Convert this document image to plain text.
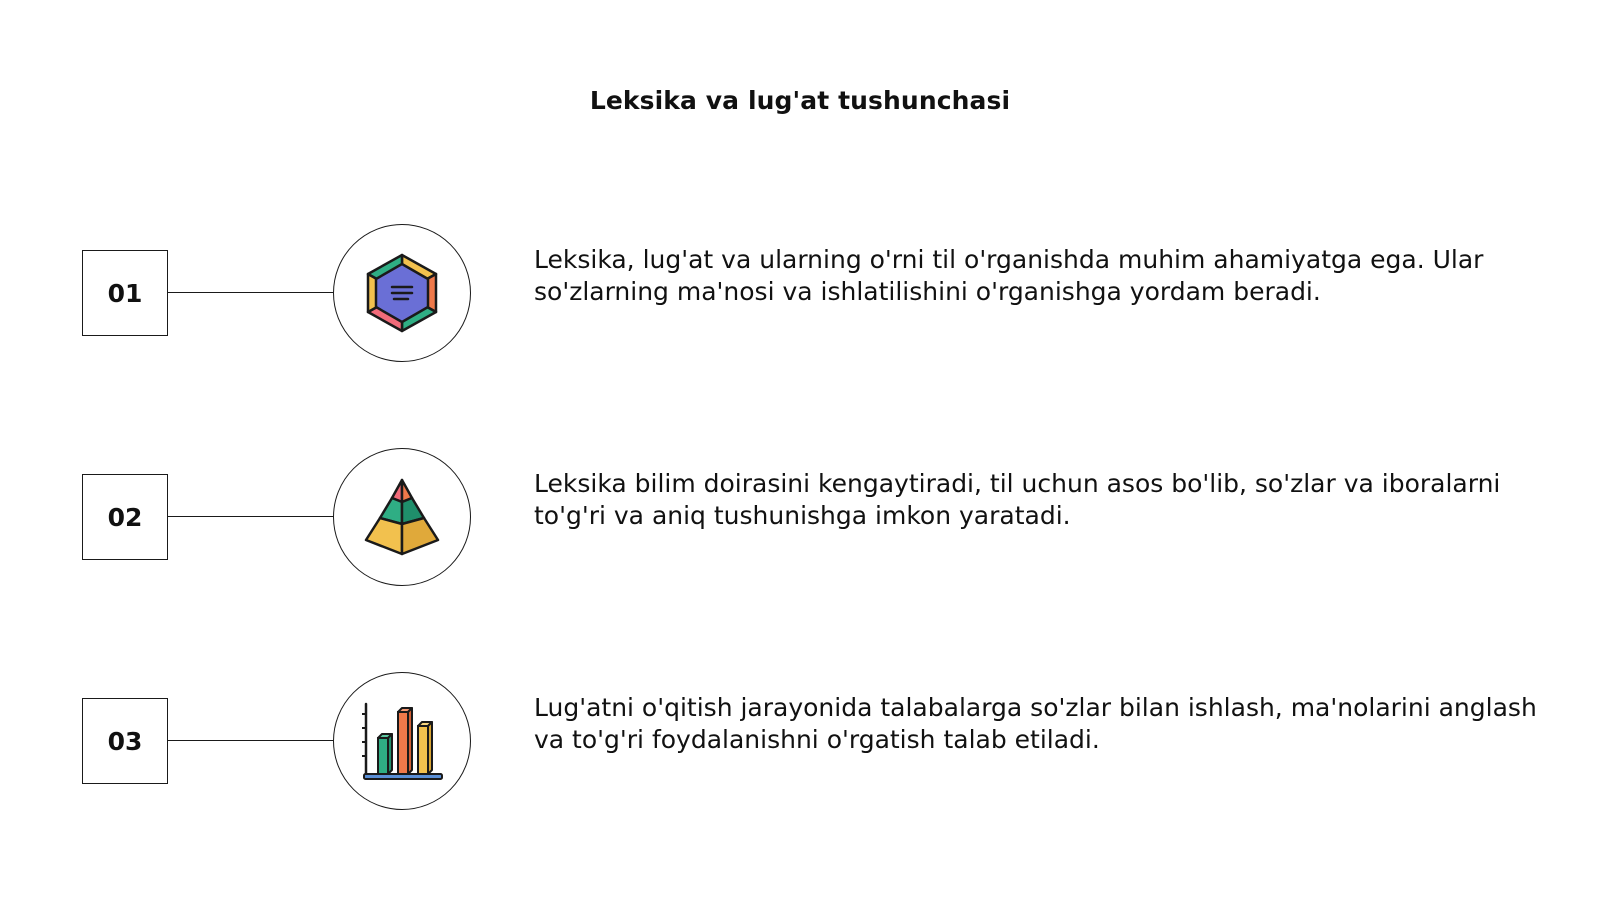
Leksika va lug'at tushunchasi
01
Leksika, lug'at va ularning o'rni til o'rganishda muhim ahamiyatga ega. Ular so'zlarning ma'nosi va ishlatilishini o'rganishga yordam beradi.
02
Leksika bilim doirasini kengaytiradi, til uchun asos bo'lib, so'zlar va iboralarni to'g'ri va aniq tushunishga imkon yaratadi.
03
Lug'atni o'qitish jarayonida talabalarga so'zlar bilan ishlash, ma'nolarini anglash va to'g'ri foydalanishni o'rgatish talab etiladi.
